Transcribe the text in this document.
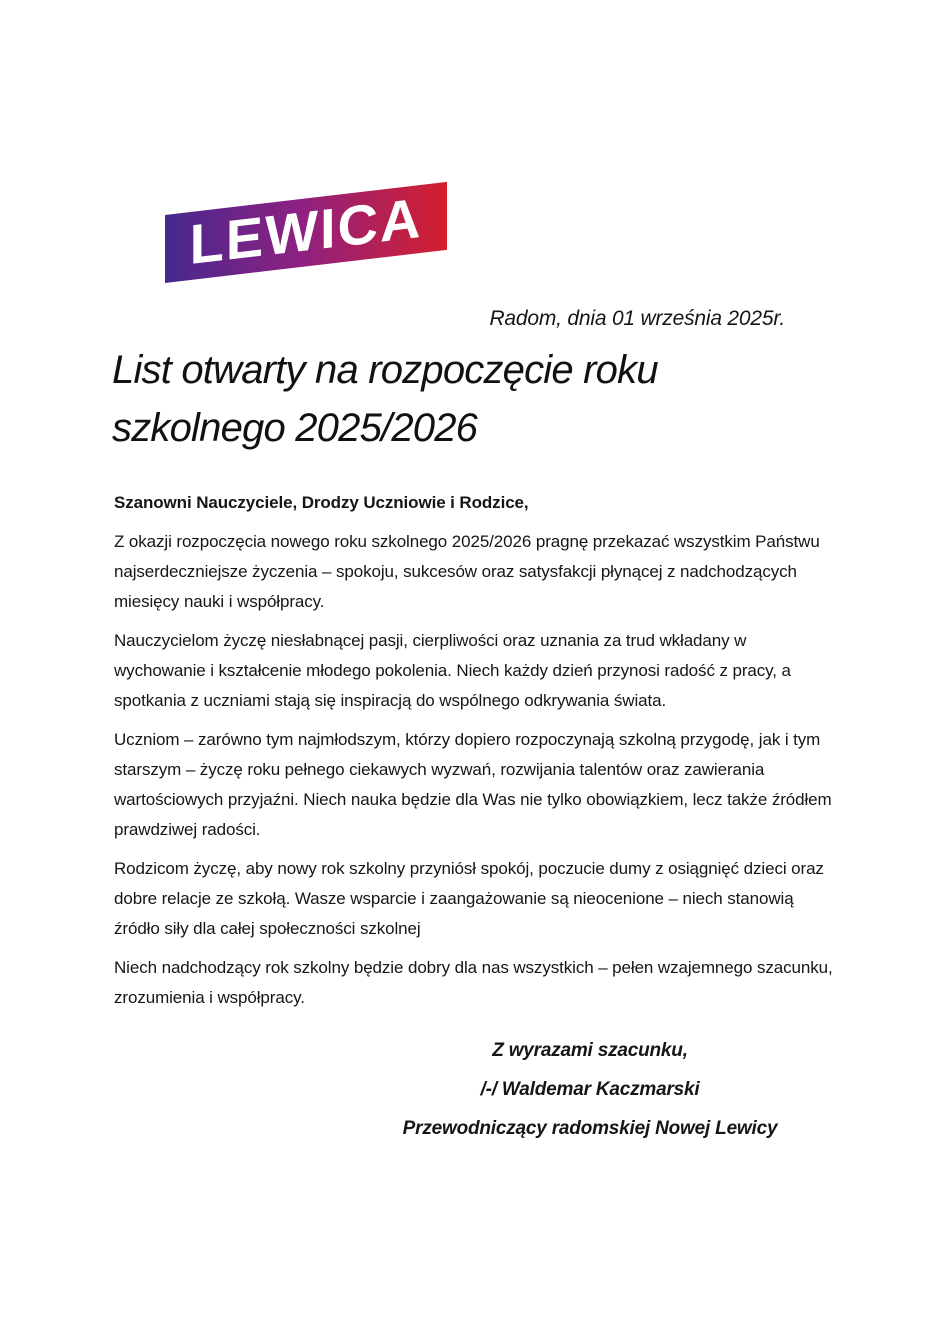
LEWICA
Radom, dnia 01 września 2025r.
List otwarty na rozpoczęcie roku szkolnego 2025/2026

Szanowni Nauczyciele, Drodzy Uczniowie i Rodzice,

Z okazji rozpoczęcia nowego roku szkolnego 2025/2026 pragnę przekazać wszystkim Państwu najserdeczniejsze życzenia – spokoju, sukcesów oraz satysfakcji płynącej z nadchodzących miesięcy nauki i współpracy.

Nauczycielom życzę niesłabnącej pasji, cierpliwości oraz uznania za trud wkładany w wychowanie i kształcenie młodego pokolenia. Niech każdy dzień przynosi radość z pracy, a spotkania z uczniami stają się inspiracją do wspólnego odkrywania świata.

Uczniom – zarówno tym najmłodszym, którzy dopiero rozpoczynają szkolną przygodę, jak i tym starszym – życzę roku pełnego ciekawych wyzwań, rozwijania talentów oraz zawierania wartościowych przyjaźni. Niech nauka będzie dla Was nie tylko obowiązkiem, lecz także źródłem prawdziwej radości.

Rodzicom życzę, aby nowy rok szkolny przyniósł spokój, poczucie dumy z osiągnięć dzieci oraz dobre relacje ze szkołą. Wasze wsparcie i zaangażowanie są nieocenione – niech stanowią źródło siły dla całej społeczności szkolnej

Niech nadchodzący rok szkolny będzie dobry dla nas wszystkich – pełen wzajemnego szacunku, zrozumienia i współpracy.

Z wyrazami szacunku,
/-/ Waldemar Kaczmarski
Przewodniczący radomskiej Nowej Lewicy
